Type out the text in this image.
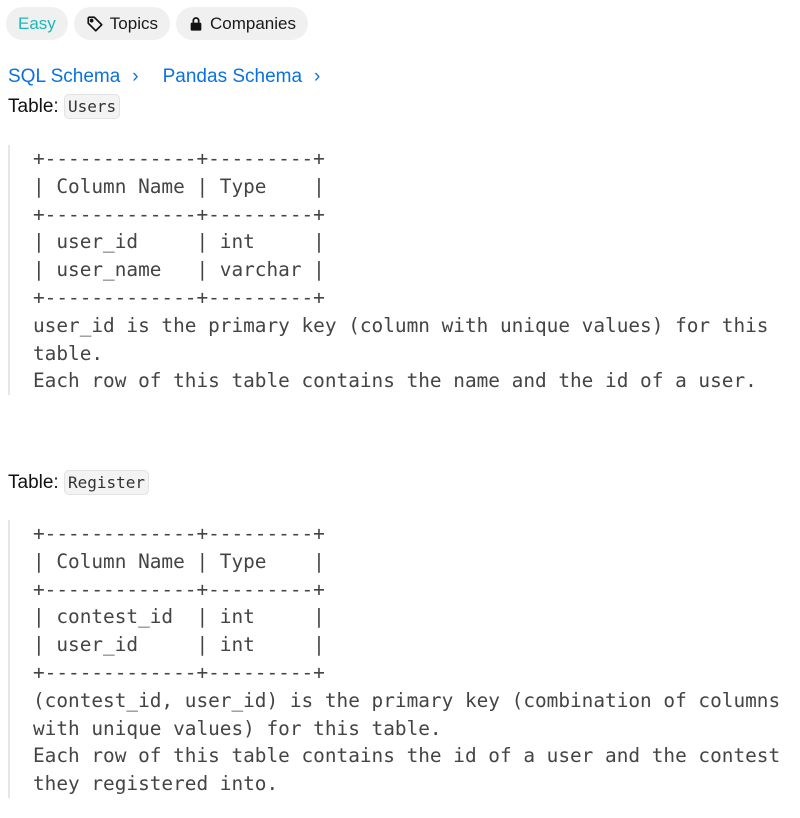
Easy	Topics	Companies
SQL Schema › Pandas Schema ›
Table: Users
+-------------+---------+
| Column Name | Type    |
+-------------+---------+
| user_id     | int     |
| user_name   | varchar |
+-------------+---------+
user_id is the primary key (column with unique values) for this
table.
Each row of this table contains the name and the id of a user.
Table: Register
+-------------+---------+
| Column Name | Type    |
+-------------+---------+
| contest_id  | int     |
| user_id     | int     |
+-------------+---------+
(contest_id, user_id) is the primary key (combination of columns
with unique values) for this table.
Each row of this table contains the id of a user and the contest
they registered into.
